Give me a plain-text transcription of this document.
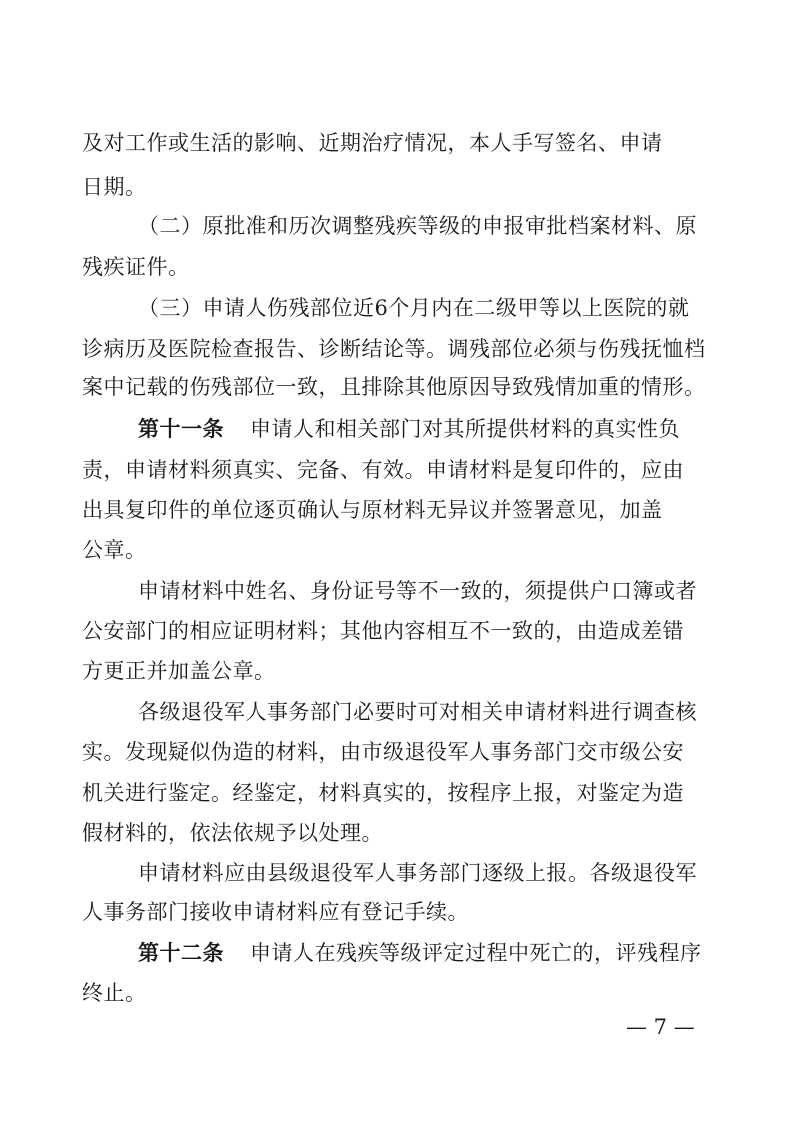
及对工作或生活的影响、近期治疗情况，本人手写签名、申请
日期。
（二）原批准和历次调整残疾等级的申报审批档案材料、原
残疾证件。
（三）申请人伤残部位近6个月内在二级甲等以上医院的就
诊病历及医院检查报告、诊断结论等。调残部位必须与伤残抚恤档
案中记载的伤残部位一致，且排除其他原因导致残情加重的情形。
第十一条 申请人和相关部门对其所提供材料的真实性负
责，申请材料须真实、完备、有效。申请材料是复印件的，应由
出具复印件的单位逐页确认与原材料无异议并签署意见，加盖
公章。
申请材料中姓名、身份证号等不一致的，须提供户口簿或者
公安部门的相应证明材料；其他内容相互不一致的，由造成差错
方更正并加盖公章。
各级退役军人事务部门必要时可对相关申请材料进行调查核
实。发现疑似伪造的材料，由市级退役军人事务部门交市级公安
机关进行鉴定。经鉴定，材料真实的，按程序上报，对鉴定为造
假材料的，依法依规予以处理。
申请材料应由县级退役军人事务部门逐级上报。各级退役军
人事务部门接收申请材料应有登记手续。
第十二条 申请人在残疾等级评定过程中死亡的，评残程序
终止。
— 7 —
